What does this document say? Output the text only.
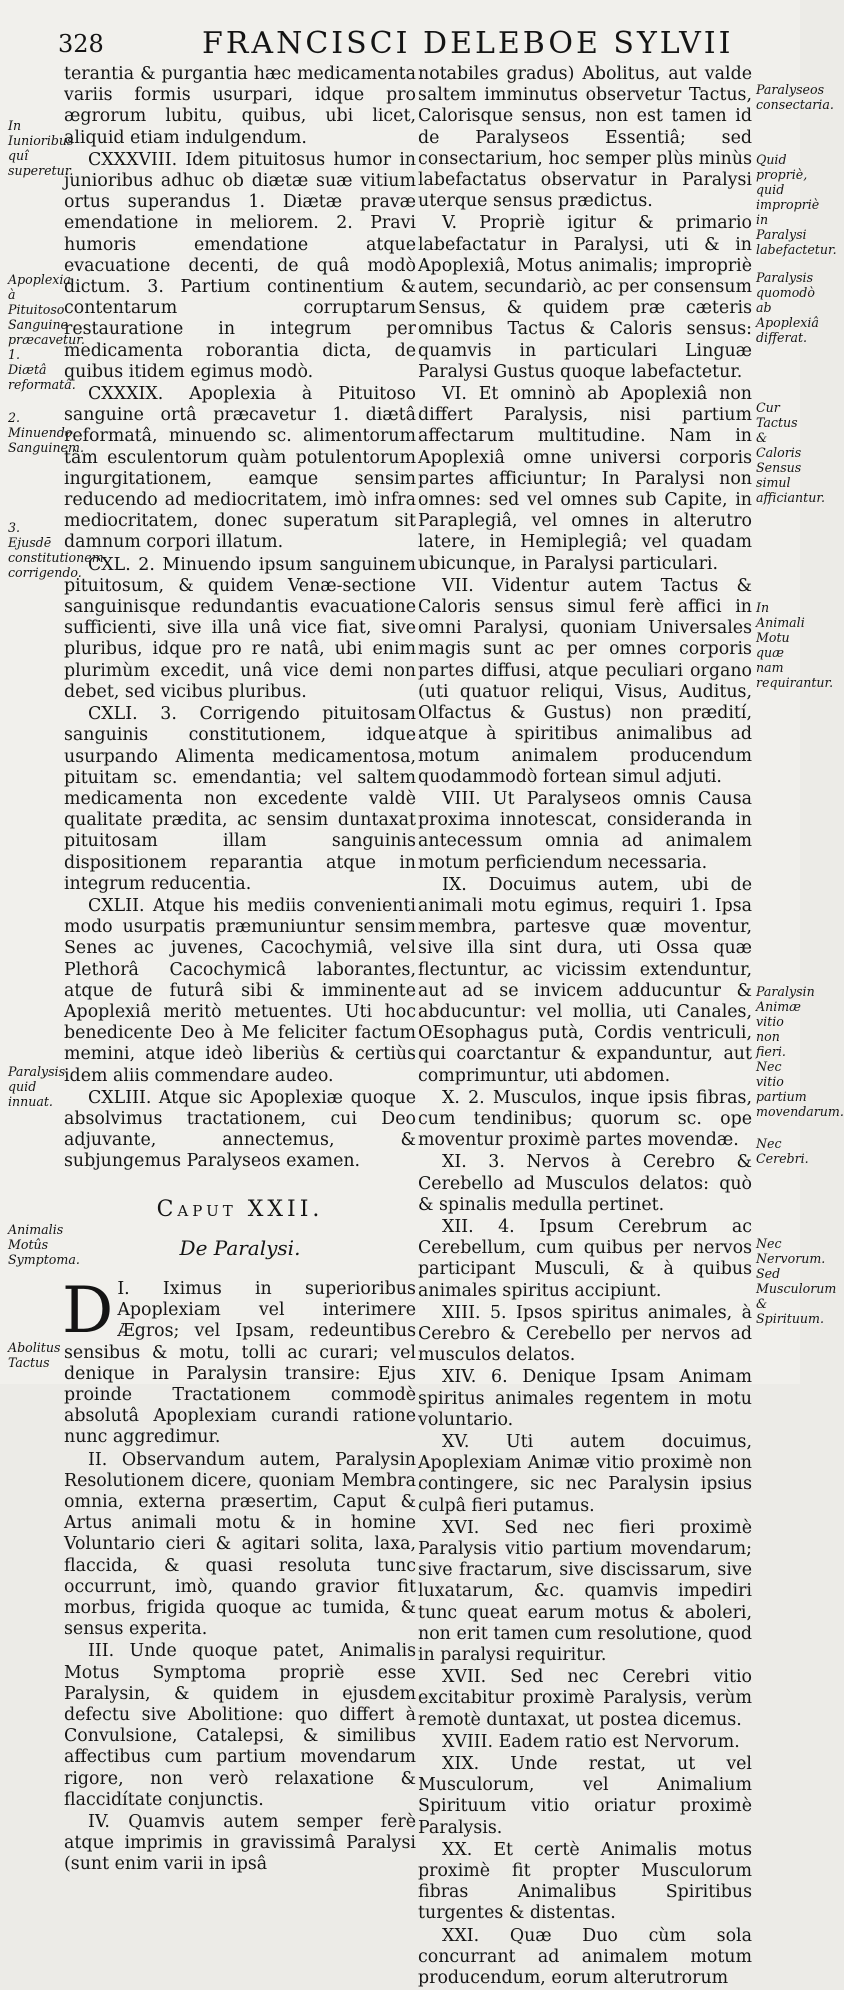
328	FRANCISCI DELEBOE SYLVII

terantia & purgantia hæc medicamenta variis formis usurpari, idque pro ægrorum lubitu, quibus, ubi licet, aliquid etiam indulgendum.

CXXXVIII. Idem pituitosus humor in junioribus adhuc ob diætæ suæ vitium ortus superandus 1. Diætæ pravæ emendatione in meliorem. 2. Pravi humoris emendatione atque evacuatione decenti, de quâ modò dictum. 3. Partium continentium & contentarum corruptarum restauratione in integrum per medicamenta roborantia dicta, de quibus itidem egimus modò.

CXXXIX. Apoplexia à Pituitoso sanguine ortâ præcavetur 1. diætâ reformatâ, minuendo sc. alimentorum tàm esculentorum quàm potulentorum ingurgitationem, eamque sensim reducendo ad mediocritatem, imò infra mediocritatem, donec superatum sit damnum corpori illatum.

CXL. 2. Minuendo ipsum sanguinem pituitosum, & quidem Venæ-sectione sanguinisque redundantis evacuatione sufficienti, sive illa unâ vice fiat, sive pluribus, idque pro re natâ, ubi enim plurimùm excedit, unâ vice demi non debet, sed vicibus pluribus.

CXLI. 3. Corrigendo pituitosam sanguinis constitutionem, idque usurpando Alimenta medicamentosa, pituitam sc. emendantia; vel saltem medicamenta non excedente valdè qualitate prædita, ac sensim duntaxat pituitosam illam sanguinis dispositionem reparantia atque in integrum reducentia.

CXLII. Atque his mediis convenienti modo usurpatis præmuniuntur sensim Senes ac juvenes, Cacochymiâ, vel Plethorâ Cacochymicâ laborantes, atque de futurâ sibi & imminente Apoplexiâ meritò metuentes. Uti hoc benedicente Deo à Me feliciter factum memini, atque ideò liberiùs & certiùs idem aliis commendare audeo.

CXLIII. Atque sic Apoplexiæ quoque absolvimus tractationem, cui Deo adjuvante, annectemus, & subjungemus Paralyseos examen.

Caput XXII.
De Paralysi.
D I. Iximus in superioribus Apoplexiam vel interimere Ægros; vel Ipsam, redeuntibus sensibus & motu, tolli ac curari; vel denique in Paralysin transire: Ejus proinde Tractationem commodè absolutâ Apoplexiam curandi ratione nunc aggredimur.

II. Observandum autem, Paralysin Resolutionem dicere, quoniam Membra omnia, externa præsertim, Caput & Artus animali motu & in homine Voluntario cieri & agitari solita, laxa, flaccida, & quasi resoluta tunc occurrunt, imò, quando gravior fit morbus, frigida quoque ac tumida, & sensus experita.

III. Unde quoque patet, Animalis Motus Symptoma propriè esse Paralysin, & quidem in ejusdem defectu sive Abolitione: quo differt à Convulsione, Catalepsi, & similibus affectibus cum partium movendarum rigore, non verò relaxatione & flaccidítate conjunctis.

IV. Quamvis autem semper ferè atque imprimis in gravissimâ Paralysi (sunt enim varii in ipsâ

notabiles gradus) Abolitus, aut valde saltem imminutus observetur Tactus, Calorisque sensus, non est tamen id de Paralyseos Essentiâ; sed consectarium, hoc semper plùs minùs labefactatus observatur in Paralysi uterque sensus prædictus.

V. Propriè igitur & primario labefactatur in Paralysi, uti & in Apoplexiâ, Motus animalis; impropriè autem, secundariò, ac per consensum Sensus, & quidem præ cæteris omnibus Tactus & Caloris sensus: quamvis in particulari Linguæ Paralysi Gustus quoque labefactetur.

VI. Et omninò ab Apoplexiâ non differt Paralysis, nisi partium affectarum multitudine. Nam in Apoplexiâ omne universi corporis partes afficiuntur; In Paralysi non omnes: sed vel omnes sub Capite, in Paraplegiâ, vel omnes in alterutro latere, in Hemiplegiâ; vel quadam ubicunque, in Paralysi particulari.

VII. Videntur autem Tactus & Caloris sensus simul ferè affici in omni Paralysi, quoniam Universales magis sunt ac per omnes corporis partes diffusi, atque peculiari organo (uti quatuor reliqui, Visus, Auditus, Olfactus & Gustus) non prædití, atque à spiritibus animalibus ad motum animalem producendum quodammodò fortean simul adjuti.

VIII. Ut Paralyseos omnis Causa proxima innotescat, consideranda in antecessum omnia ad animalem motum perficiendum necessaria.

IX. Docuimus autem, ubi de animali motu egimus, requiri 1. Ipsa membra, partesve quæ moventur, sive illa sint dura, uti Ossa quæ flectuntur, ac vicissim extenduntur, aut ad se invicem adducuntur & abducuntur: vel mollia, uti Canales, OEsophagus putà, Cordis ventriculi, qui coarctantur & expanduntur, aut comprimuntur, uti abdomen.

X. 2. Musculos, inque ipsis fibras, cum tendinibus; quorum sc. ope moventur proximè partes movendæ.

XI. 3. Nervos à Cerebro & Cerebello ad Musculos delatos: quò & spinalis medulla pertinet.

XII. 4. Ipsum Cerebrum ac Cerebellum, cum quibus per nervos participant Musculi, & à quibus animales spiritus accipiunt.

XIII. 5. Ipsos spiritus animales, à Cerebro & Cerebello per nervos ad musculos delatos.

XIV. 6. Denique Ipsam Animam spiritus animales regentem in motu voluntario.

XV. Uti autem docuimus, Apoplexiam Animæ vitio proximè non contingere, sic nec Paralysin ipsius culpâ fieri putamus.

XVI. Sed nec fieri proximè Paralysis vitio partium movendarum; sive fractarum, sive discissarum, sive luxatarum, &c. quamvis impediri tunc queat earum motus & aboleri, non erit tamen cum resolutione, quod in paralysi requiritur.

XVII. Sed nec Cerebri vitio excitabitur proximè Paralysis, verùm remotè duntaxat, ut postea dicemus.

XVIII. Eadem ratio est Nervorum.

XIX. Unde restat, ut vel Musculorum, vel Animalium Spirituum vitio oriatur proximè Paralysis.

XX. Et certè Animalis motus proximè fit propter Musculorum fibras Animalibus Spiritibus turgentes & distentas.

XXI. Quæ Duo cùm sola concurrant ad animalem motum producendum, eorum alterutrorum

In Iunioribus quî superetur.
Apoplexia à Pituitoso Sanguine præcavetur. 1. Diætâ reformatâ.
2. Minuendo Sanguinem.
3. Ejusdē constitutionem corrigendo.
Paralysis quid innuat.
Animalis Motûs Symptoma.
Abolitus Tactus
Paralyseos consectaria.
Quid propriè, quid impropriè in Paralysi labefactetur.
Paralysis quomodò ab Apoplexiâ differat.
Cur Tactus & Caloris Sensus simul afficiantur.
In Animali Motu quæ nam requirantur.
Paralysin Animæ vitio non fieri. Nec vitio partium movendarum.
Nec Cerebri.
Nec Nervorum. Sed Musculorum & Spirituum.
